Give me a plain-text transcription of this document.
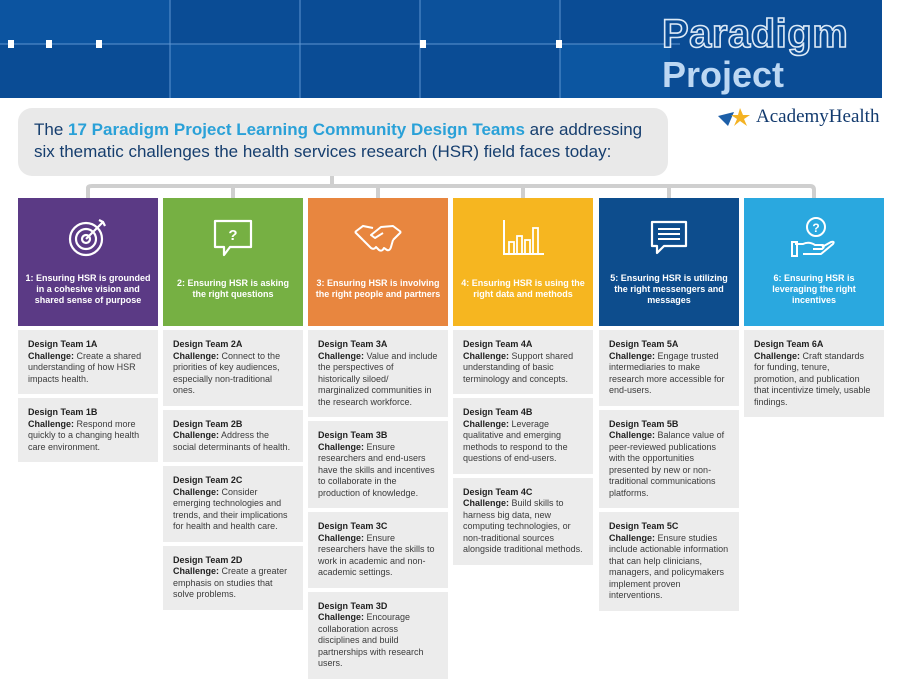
Paradigm
Project
AcademyHealth

The 17 Paradigm Project Learning Community Design Teams are addressing six thematic challenges the health services research (HSR) field faces today:

1: Ensuring HSR is grounded in a cohesive vision and shared sense of purpose
Design Team 1A
Challenge: Create a shared understanding of how HSR impacts health.
Design Team 1B
Challenge: Respond more quickly to a changing health care environment.
?
2: Ensuring HSR is asking the right questions
Design Team 2A
Challenge: Connect to the priorities of key audiences, especially non-traditional ones.
Design Team 2B
Challenge: Address the social determinants of health.
Design Team 2C
Challenge: Consider emerging technologies and trends, and their implications for health and health care.
Design Team 2D
Challenge: Create a greater emphasis on studies that solve problems.
3: Ensuring HSR is involving the right people and partners
Design Team 3A
Challenge: Value and include the perspectives of historically siloed/ marginalized communities in the research workforce.
Design Team 3B
Challenge: Ensure researchers and end-users have the skills and incentives to collaborate in the production of knowledge.
Design Team 3C
Challenge: Ensure researchers have the skills to work in academic and non-academic settings.
Design Team 3D
Challenge: Encourage collaboration across disciplines and build partnerships with research users.
4: Ensuring HSR is using the right data and methods
Design Team 4A
Challenge: Support shared understanding of basic terminology and concepts.
Design Team 4B
Challenge: Leverage qualitative and emerging methods to respond to the questions of end-users.
Design Team 4C
Challenge: Build skills to harness big data, new computing technologies, or non-traditional sources alongside traditional methods.
5: Ensuring HSR is utilizing the right messengers and messages
Design Team 5A
Challenge: Engage trusted intermediaries to make research more accessible for end-users.
Design Team 5B
Challenge: Balance value of peer-reviewed publications with the opportunities presented by new or non-traditional communications platforms.
Design Team 5C
Challenge: Ensure studies include actionable information that can help clinicians, managers, and policymakers implement proven interventions.
?
6: Ensuring HSR is leveraging the right incentives
Design Team 6A
Challenge: Craft standards for funding, tenure, promotion, and publication that incentivize timely, usable findings.
